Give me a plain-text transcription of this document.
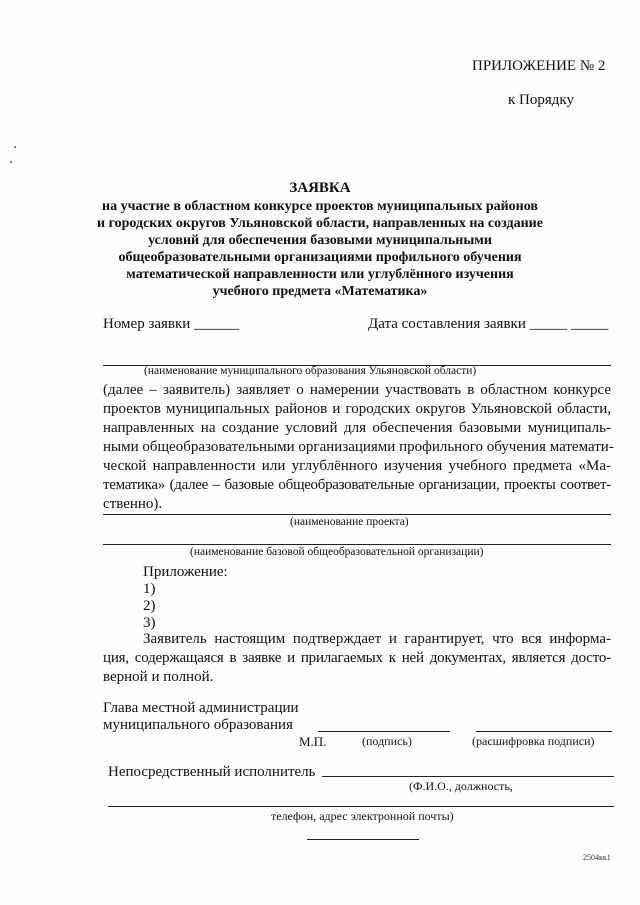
ПРИЛОЖЕНИЕ № 2
к Порядку
ЗАЯВКА
на участие в областном конкурсе проектов муниципальных районов
и городских округов Ульяновской области, направленных на создание
условий для обеспечения базовыми муниципальными
общеобразовательными организациями профильного обучения
математической направленности или углублённого изучения
учебного предмета «Математика»
Номер заявки ______	Дата составления заявки _____ _____
(наименование муниципального образования Ульяновской области)
(далее – заявитель) заявляет о намерении участвовать в областном конкурсе
проектов муниципальных районов и городских округов Ульяновской области,
направленных на создание условий для обеспечения базовыми муниципаль-
ными общеобразовательными организациями профильного обучения математи-
ческой направленности или углублённого изучения учебного предмета «Ма-
тематика» (далее – базовые общеобразовательные организации, проекты соответ-
ственно).
(наименование проекта)
(наименование базовой общеобразовательной организации)
Приложение:
1)
2)
3)
Заявитель настоящим подтверждает и гарантирует, что вся информа-
ция, содержащаяся в заявке и прилагаемых к ней документах, является досто-
верной и полной.
Глава местной администрации
муниципального образования
М.П.	(подпись)	(расшифровка подписи)
Непосредственный исполнитель
(Ф.И.О., должность,
телефон, адрес электронной почты)
2504кк1
